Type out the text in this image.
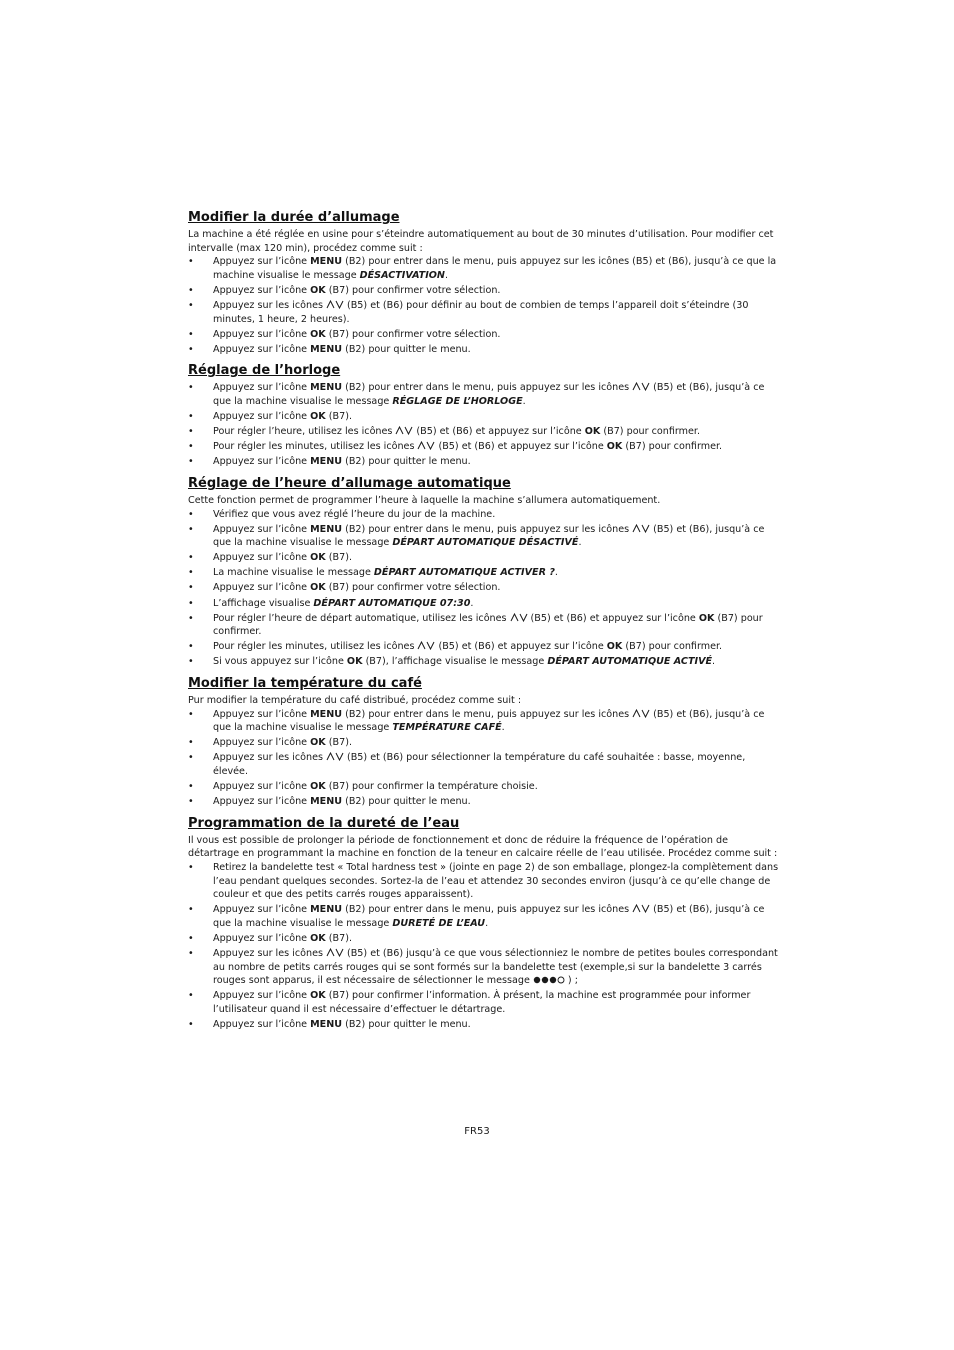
Modifier la durée d’allumage

La machine a été réglée en usine pour s’éteindre automatiquement au bout de 30 minutes d’utilisation. Pour modifier cet intervalle (max 120 min), procédez comme suit :

• Appuyez sur l’icône MENU (B2) pour entrer dans le menu, puis appuyez sur les icônes (B5) et (B6), jusqu’à ce que la machine visualise le message DÉSACTIVATION.
• Appuyez sur l’icône OK (B7) pour confirmer votre sélection.
• Appuyez sur les icônes	(B5) et (B6) pour définir au bout de combien de temps l’appareil doit s’éteindre (30 minutes, 1 heure, 2 heures).
• Appuyez sur l’icône OK (B7) pour confirmer votre sélection.
• Appuyez sur l’icône MENU (B2) pour quitter le menu.
Réglage de l’horloge
• Appuyez sur l’icône MENU (B2) pour entrer dans le menu, puis appuyez sur les icônes	(B5) et (B6), jusqu’à ce que la machine visualise le message RÉGLAGE DE L’HORLOGE.
• Appuyez sur l’icône OK (B7).
• Pour régler l’heure, utilisez les icônes	(B5) et (B6) et appuyez sur l’icône OK (B7) pour confirmer.
• Pour régler les minutes, utilisez les icônes	(B5) et (B6) et appuyez sur l’icône OK (B7) pour confirmer.
• Appuyez sur l’icône MENU (B2) pour quitter le menu.
Réglage de l’heure d’allumage automatique

Cette fonction permet de programmer l’heure à laquelle la machine s’allumera automatiquement.

• Vérifiez que vous avez réglé l’heure du jour de la machine.
• Appuyez sur l’icône MENU (B2) pour entrer dans le menu, puis appuyez sur les icônes	(B5) et (B6), jusqu’à ce que la machine visualise le message DÉPART AUTOMATIQUE DÉSACTIVÉ.
• Appuyez sur l’icône OK (B7).
• La machine visualise le message DÉPART AUTOMATIQUE ACTIVER ?.
• Appuyez sur l’icône OK (B7) pour confirmer votre sélection.
• L’affichage visualise DÉPART AUTOMATIQUE 07:30.
• Pour régler l’heure de départ automatique, utilisez les icônes	(B5) et (B6) et appuyez sur l’icône OK (B7) pour confirmer.
• Pour régler les minutes, utilisez les icônes	(B5) et (B6) et appuyez sur l’icône OK (B7) pour confirmer.
• Si vous appuyez sur l’icône OK (B7), l’affichage visualise le message DÉPART AUTOMATIQUE ACTIVÉ.
Modifier la température du café

Pur modifier la température du café distribué, procédez comme suit :

• Appuyez sur l’icône MENU (B2) pour entrer dans le menu, puis appuyez sur les icônes	(B5) et (B6), jusqu’à ce que la machine visualise le message TEMPÉRATURE CAFÉ.
• Appuyez sur l’icône OK (B7).
• Appuyez sur les icônes	(B5) et (B6) pour sélectionner la température du café souhaitée : basse, moyenne, élevée.
• Appuyez sur l’icône OK (B7) pour confirmer la température choisie.
• Appuyez sur l’icône MENU (B2) pour quitter le menu.
Programmation de la dureté de l’eau

Il vous est possible de prolonger la période de fonctionnement et donc de réduire la fréquence de l’opération de détartrage en programmant la machine en fonction de la teneur en calcaire réelle de l’eau utilisée. Procédez comme suit :

• Retirez la bandelette test « Total hardness test » (jointe en page 2) de son emballage, plongez-la complètement dans l’eau pendant quelques secondes. Sortez-la de l’eau et attendez 30 secondes environ (jusqu’à ce qu’elle change de couleur et que des petits carrés rouges apparaissent).
• Appuyez sur l’icône MENU (B2) pour entrer dans le menu, puis appuyez sur les icônes	(B5) et (B6), jusqu’à ce que la machine visualise le message DURETÉ DE L’EAU.
• Appuyez sur l’icône OK (B7).
• Appuyez sur les icônes	(B5) et (B6) jusqu’à ce que vous sélectionniez le nombre de petites boules correspondant au nombre de petits carrés rouges qui se sont formés sur la bandelette test (exemple,si sur la bandelette 3 carrés rouges sont apparus, il est nécessaire de sélectionner le message	) ;
• Appuyez sur l’icône OK (B7) pour confirmer l’information. À présent, la machine est programmée pour informer l’utilisateur quand il est nécessaire d’effectuer le détartrage.
• Appuyez sur l’icône MENU (B2) pour quitter le menu.
FR53
